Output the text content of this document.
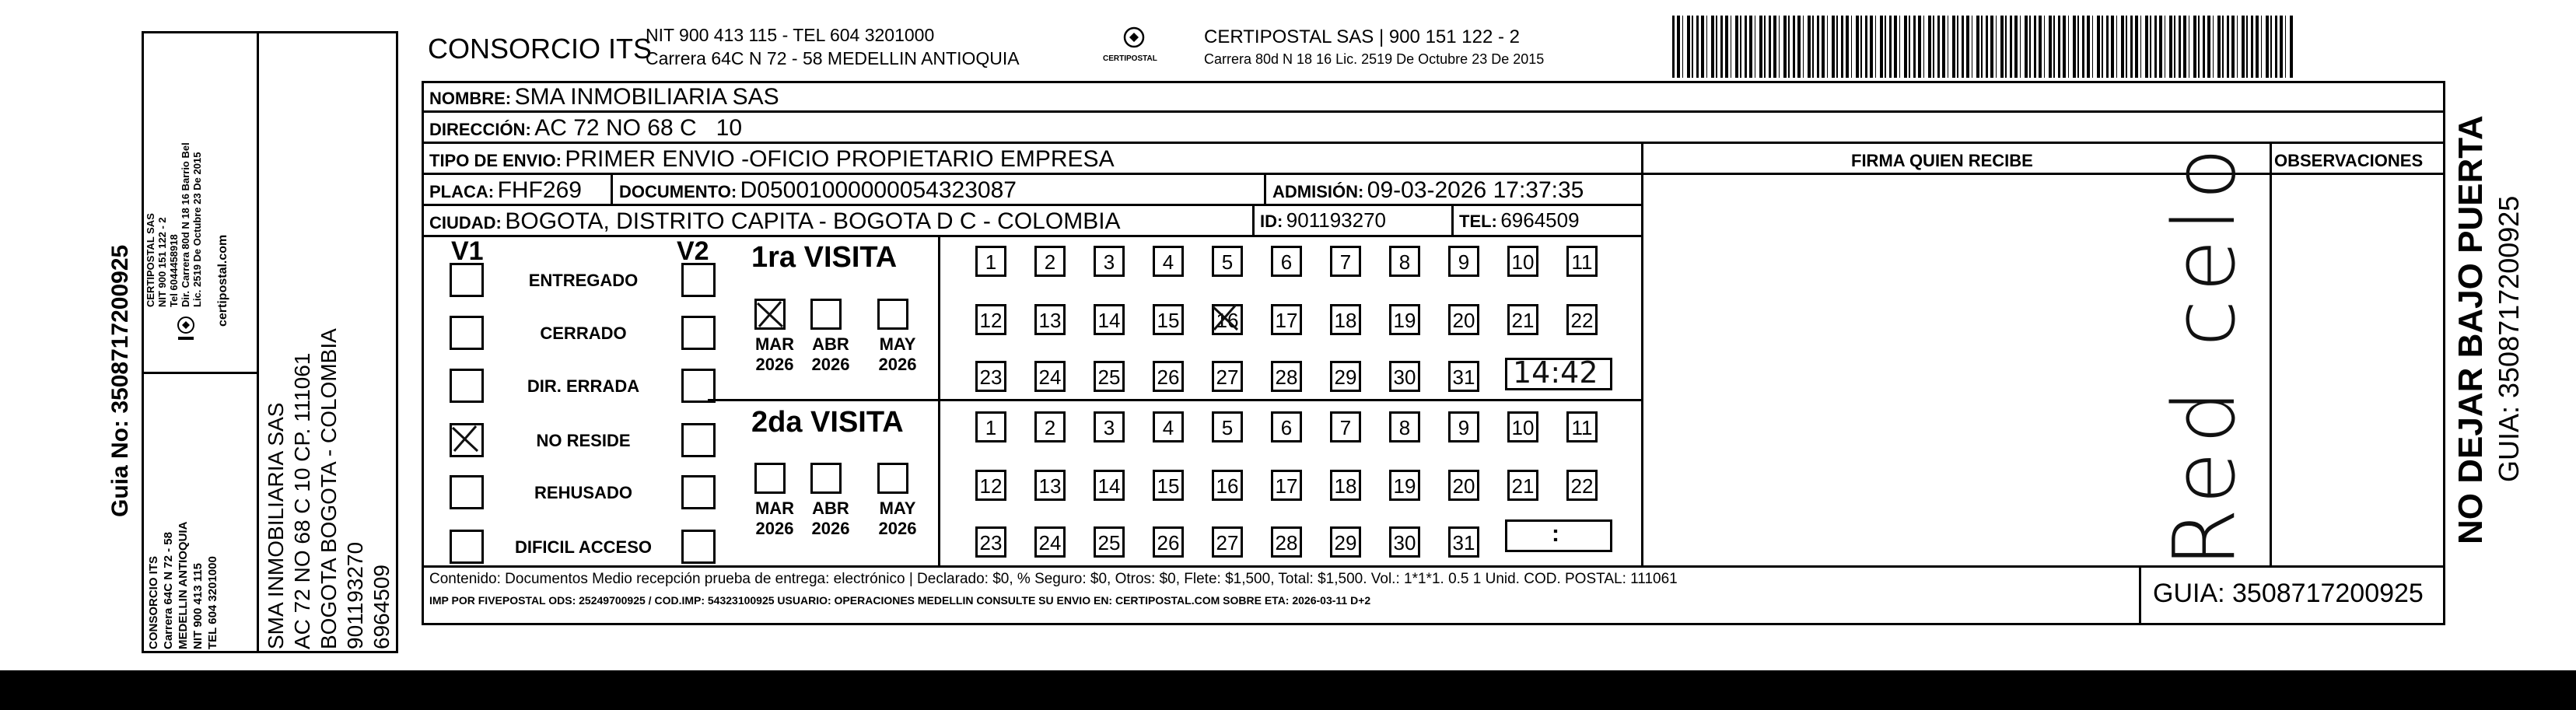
Guia No: 3508717200925
CONSORCIO ITS Carrera 64C N 72 - 58 MEDELLIN ANTIOQUIA NIT 900 413 115 TEL 604 3201000
CERTIPOSTAL SAS NIT 900 151 122 - 2 Tel 6044458918 Dir. Carrera 80d N 18 16 Barrio Bel Lic. 2519 De Octubre 23 De 2015 certipostal.com
SMA INMOBILIARIA SAS AC 72 NO 68 C 10 CP. 111061 BOGOTA BOGOTA - COLOMBIA 901193270 6964509
CONSORCIO ITS
NIT 900 413 115 - TEL 604 3201000
Carrera 64C N 72 - 58 MEDELLIN ANTIOQUIA	CERTIPOSTAL
CERTIPOSTAL SAS | 900 151 122 - 2
Carrera 80d N 18 16 Lic. 2519 De Octubre 23 De 2015
NOMBRE: SMA INMOBILIARIA SAS
DIRECCIÓN: AC 72 NO 68 C   10
TIPO DE ENVIO: PRIMER ENVIO -OFICIO PROPIETARIO EMPRESA	FIRMA QUIEN RECIBE	OBSERVACIONES
PLACA: FHF269 DOCUMENTO: D05001000000054323087	ADMISIÓN: 09-03-2026 17:37:35
CIUDAD: BOGOTA, DISTRITO CAPITA - BOGOTA D C - COLOMBIA	ID: 901193270	TEL: 6964509
V1	V2
ENTREGADO
CERRADO
DIR. ERRADA
NO RESIDE
REHUSADO
DIFICIL ACCESO
1ra VISITA
2da VISITA
MAR
2026
ABR
2026
MAY
2026
MAR
2026
ABR
2026
MAY
2026
1	2	3	4	5	6	7	8	9	10 11
12 13 14 15 16 17 18 19 20 21 22
23 24 25 26 27 28 29 30 31
1	2	3	4	5	6	7	8	9	10 11
12 13 14 15 16 17 18 19 20 21 22
23 24 25 26 27 28 29 30 31
14:42
:	Red celo
Contenido: Documentos Medio recepción prueba de entrega: electrónico | Declarado: $0, % Seguro: $0, Otros: $0, Flete: $1,500, Total: $1,500. Vol.: 1*1*1. 0.5 1 Unid. COD. POSTAL: 111061
IMP POR FIVEPOSTAL ODS: 25249700925 / COD.IMP: 54323100925 USUARIO: OPERACIONES MEDELLIN CONSULTE SU ENVIO EN: CERTIPOSTAL.COM SOBRE ETA: 2026-03-11 D+2	GUIA: 3508717200925
NO DEJAR BAJO PUERTA GUIA: 3508717200925
